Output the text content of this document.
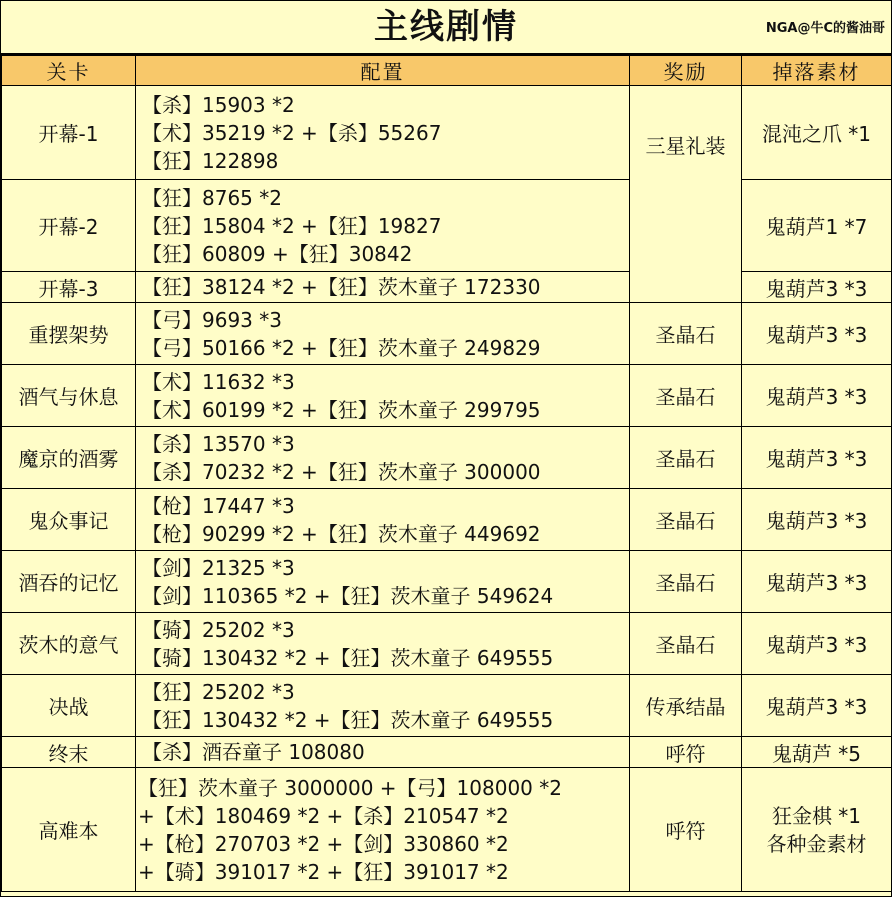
主线剧情	NGA@牛C的酱油哥
关卡	配置	奖励	掉落素材
开幕-1	【杀】15903 *2
【术】35219 *2 +【杀】55267
【狂】122898	三星礼装	混沌之爪 *1
开幕-2	【狂】8765 *2
【狂】15804 *2 +【狂】19827
【狂】60809 +【狂】30842		鬼葫芦1 *7
开幕-3	【狂】38124 *2 +【狂】茨木童子 172330		鬼葫芦3 *3
重摆架势	【弓】9693 *3
【弓】50166 *2 +【狂】茨木童子 249829	圣晶石	鬼葫芦3 *3
酒气与休息	【术】11632 *3
【术】60199 *2 +【狂】茨木童子 299795	圣晶石	鬼葫芦3 *3
魔京的酒雾	【杀】13570 *3
【杀】70232 *2 +【狂】茨木童子 300000	圣晶石	鬼葫芦3 *3
鬼众事记	【枪】17447 *3
【枪】90299 *2 +【狂】茨木童子 449692	圣晶石	鬼葫芦3 *3
酒吞的记忆	【剑】21325 *3
【剑】110365 *2 +【狂】茨木童子 549624	圣晶石	鬼葫芦3 *3
茨木的意气	【骑】25202 *3
【骑】130432 *2 +【狂】茨木童子 649555	圣晶石	鬼葫芦3 *3
决战	【狂】25202 *3
【狂】130432 *2 +【狂】茨木童子 649555	传承结晶	鬼葫芦3 *3
终末	【杀】酒吞童子 108080	呼符	鬼葫芦 *5
高难本	【狂】茨木童子 3000000 +【弓】108000 *2
+【术】180469 *2 +【杀】210547 *2
+【枪】270703 *2 +【剑】330860 *2
+【骑】391017 *2 +【狂】391017 *2	呼符	狂金棋 *1
各种金素材
